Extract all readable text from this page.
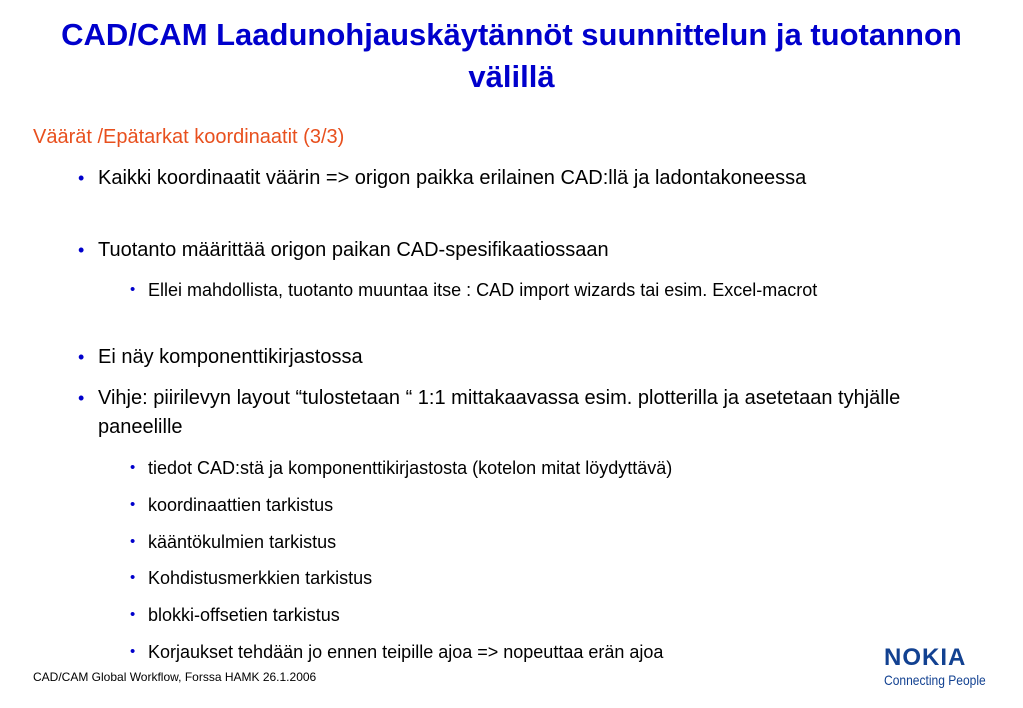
CAD/CAM Laadunohjauskäytännöt suunnittelun ja tuotannon välillä
Väärät /Epätarkat koordinaatit (3/3)
• Kaikki koordinaatit väärin => origon paikka erilainen CAD:llä ja ladontakoneessa
• Tuotanto määrittää origon paikan CAD-spesifikaatiossaan
• Ellei mahdollista, tuotanto muuntaa itse : CAD import wizards tai esim. Excel-macrot
• Ei näy komponenttikirjastossa
• Vihje: piirilevyn layout “tulostetaan “ 1:1 mittakaavassa esim. plotterilla ja asetetaan tyhjälle paneelille
• tiedot CAD:stä ja komponenttikirjastosta (kotelon mitat löydyttävä)
• koordinaattien tarkistus
• kääntökulmien tarkistus
• Kohdistusmerkkien tarkistus
• blokki-offsetien tarkistus
• Korjaukset tehdään jo ennen teipille ajoa => nopeuttaa erän ajoa
CAD/CAM Global Workflow, Forssa HAMK 26.1.2006
NOKIA
Connecting People
